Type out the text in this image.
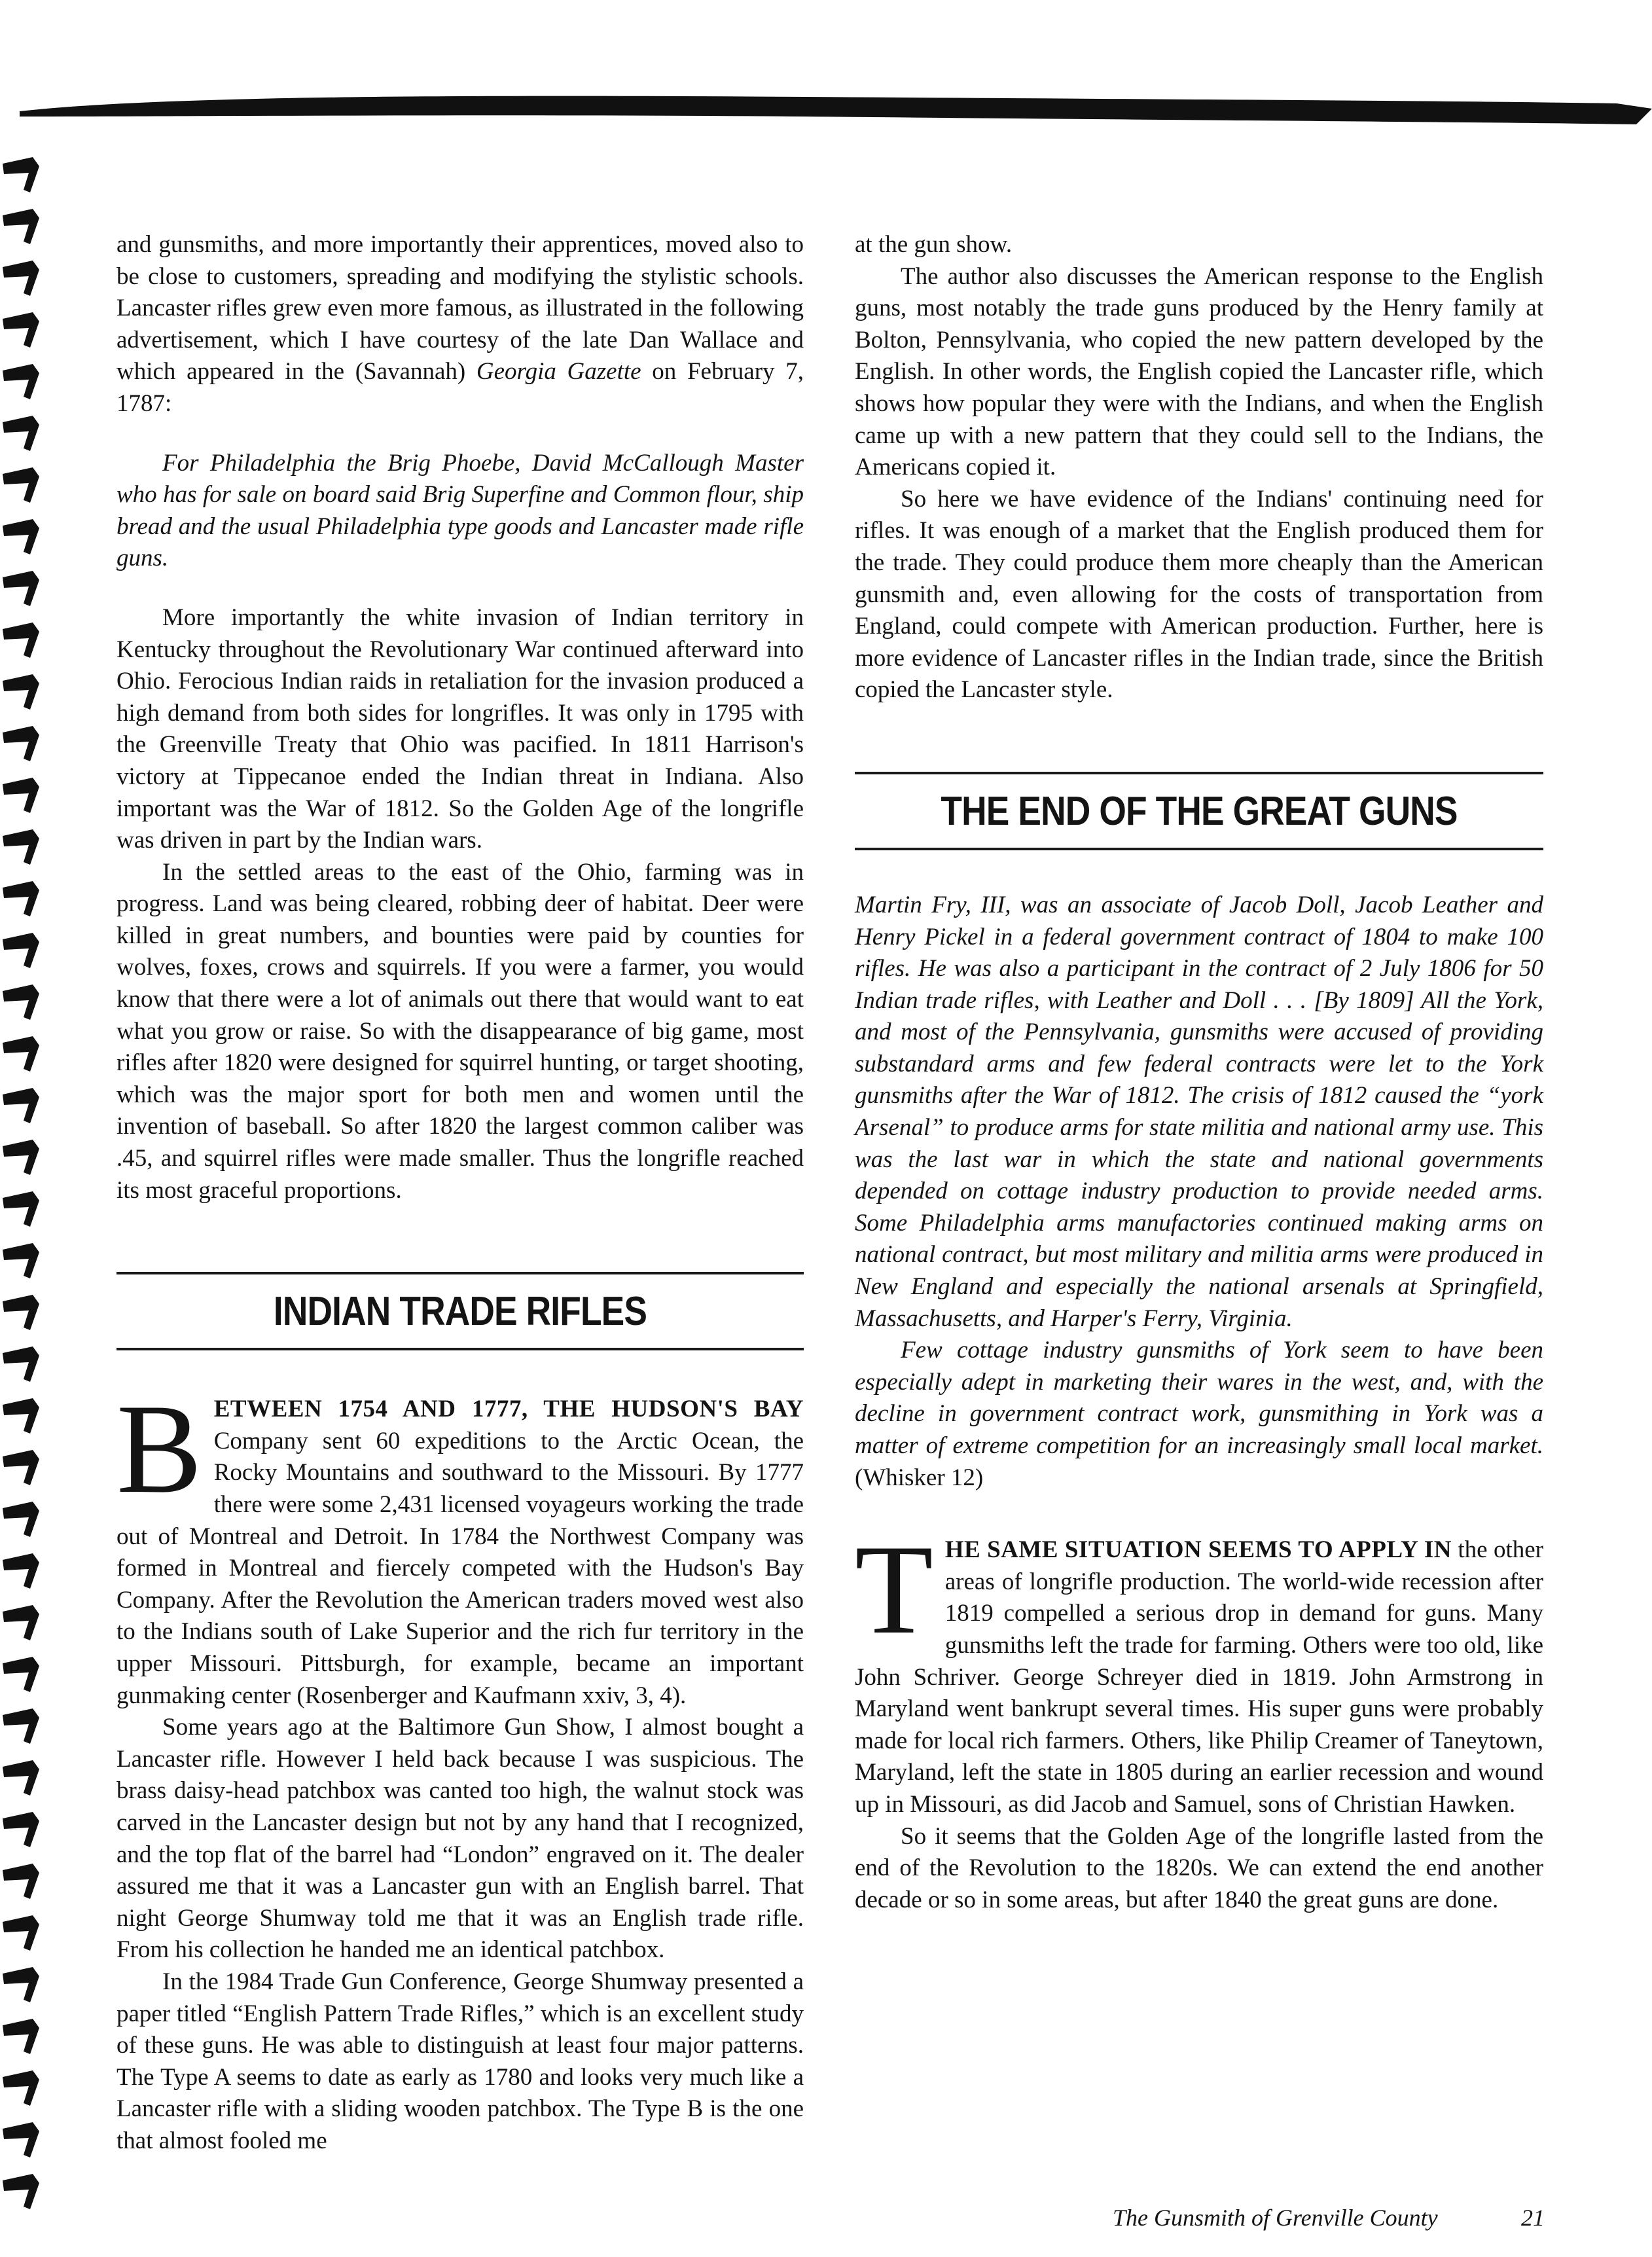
and gunsmiths, and more importantly their apprentices, moved also to be close to customers, spreading and modifying the stylistic schools. Lancaster rifles grew even more famous, as illustrated in the following advertisement, which I have courtesy of the late Dan Wallace and which appeared in the (Savannah) Georgia Gazette on February 7, 1787:

For Philadelphia the Brig Phoebe, David McCallough Master who has for sale on board said Brig Superfine and Common flour, ship bread and the usual Philadelphia type goods and Lancaster made rifle guns.

More importantly the white invasion of Indian territory in Kentucky throughout the Revolutionary War continued afterward into Ohio. Ferocious Indian raids in retaliation for the invasion produced a high demand from both sides for longrifles. It was only in 1795 with the Greenville Treaty that Ohio was pacified. In 1811 Harrison's victory at Tippecanoe ended the Indian threat in Indiana. Also important was the War of 1812. So the Golden Age of the longrifle was driven in part by the Indian wars.

In the settled areas to the east of the Ohio, farming was in progress. Land was being cleared, robbing deer of habitat. Deer were killed in great numbers, and bounties were paid by counties for wolves, foxes, crows and squirrels. If you were a farmer, you would know that there were a lot of animals out there that would want to eat what you grow or raise. So with the disappearance of big game, most rifles after 1820 were designed for squirrel hunting, or target shooting, which was the major sport for both men and women until the invention of baseball. So after 1820 the largest common caliber was .45, and squirrel rifles were made smaller. Thus the longrifle reached its most graceful proportions.

INDIAN TRADE RIFLES

BETWEEN 1754 AND 1777, THE HUDSON'S BAY Company sent 60 expeditions to the Arctic Ocean, the Rocky Mountains and southward to the Missouri. By 1777 there were some 2,431 licensed voyageurs working the trade out of Montreal and Detroit. In 1784 the Northwest Company was formed in Montreal and fiercely competed with the Hudson's Bay Company. After the Revolution the American traders moved west also to the Indians south of Lake Superior and the rich fur territory in the upper Missouri. Pittsburgh, for example, became an important gunmaking center (Rosenberger and Kaufmann xxiv, 3, 4).

Some years ago at the Baltimore Gun Show, I almost bought a Lancaster rifle. However I held back because I was suspicious. The brass daisy-head patchbox was canted too high, the walnut stock was carved in the Lancaster design but not by any hand that I recognized, and the top flat of the barrel had “London” engraved on it. The dealer assured me that it was a Lancaster gun with an English barrel. That night George Shumway told me that it was an English trade rifle. From his collection he handed me an identical patchbox.

In the 1984 Trade Gun Conference, George Shumway presented a paper titled “English Pattern Trade Rifles,” which is an excellent study of these guns. He was able to distinguish at least four major patterns. The Type A seems to date as early as 1780 and looks very much like a Lancaster rifle with a sliding wooden patchbox. The Type B is the one that almost fooled me

at the gun show.

The author also discusses the American response to the English guns, most notably the trade guns produced by the Henry family at Bolton, Pennsylvania, who copied the new pattern developed by the English. In other words, the English copied the Lancaster rifle, which shows how popular they were with the Indians, and when the English came up with a new pattern that they could sell to the Indians, the Americans copied it.

So here we have evidence of the Indians' continuing need for rifles. It was enough of a market that the English produced them for the trade. They could produce them more cheaply than the American gunsmith and, even allowing for the costs of transportation from England, could compete with American production. Further, here is more evidence of Lancaster rifles in the Indian trade, since the British copied the Lancaster style.

THE END OF THE GREAT GUNS

Martin Fry, III, was an associate of Jacob Doll, Jacob Leather and Henry Pickel in a federal government contract of 1804 to make 100 rifles. He was also a participant in the contract of 2 July 1806 for 50 Indian trade rifles, with Leather and Doll . . . [By 1809] All the York, and most of the Pennsylvania, gunsmiths were accused of providing substandard arms and few federal contracts were let to the York gunsmiths after the War of 1812. The crisis of 1812 caused the “york Arsenal” to produce arms for state militia and national army use. This was the last war in which the state and national governments depended on cottage industry production to provide needed arms. Some Philadelphia arms manufactories continued making arms on national contract, but most military and militia arms were produced in New England and especially the national arsenals at Springfield, Massachusetts, and Harper's Ferry, Virginia.

Few cottage industry gunsmiths of York seem to have been especially adept in marketing their wares in the west, and, with the decline in government contract work, gunsmithing in York was a matter of extreme competition for an increasingly small local market. (Whisker 12)

THE SAME SITUATION SEEMS TO APPLY IN the other areas of longrifle production. The world-wide recession after 1819 compelled a serious drop in demand for guns. Many gunsmiths left the trade for farming. Others were too old, like John Schriver. George Schreyer died in 1819. John Armstrong in Maryland went bankrupt several times. His super guns were probably made for local rich farmers. Others, like Philip Creamer of Taneytown, Maryland, left the state in 1805 during an earlier recession and wound up in Missouri, as did Jacob and Samuel, sons of Christian Hawken.

So it seems that the Golden Age of the longrifle lasted from the end of the Revolution to the 1820s. We can extend the end another decade or so in some areas, but after 1840 the great guns are done.

The Gunsmith of Grenville County	21
